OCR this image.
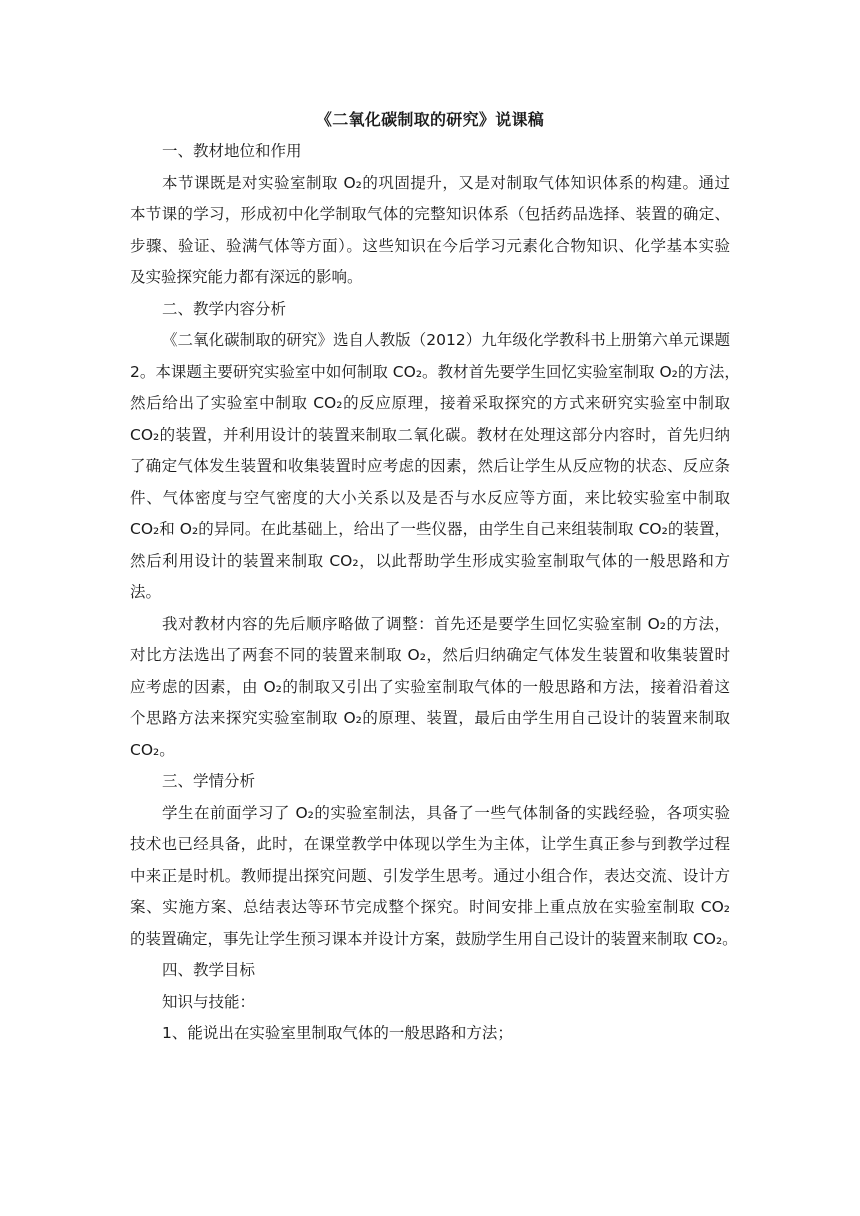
《二氧化碳制取的研究》说课稿
一、教材地位和作用
本节课既是对实验室制取 O₂的巩固提升，又是对制取气体知识体系的构建。通过
本节课的学习，形成初中化学制取气体的完整知识体系（包括药品选择、装置的确定、
步骤、验证、验满气体等方面）。这些知识在今后学习元素化合物知识、化学基本实验
及实验探究能力都有深远的影响。
二、教学内容分析
《二氧化碳制取的研究》选自人教版（2012）九年级化学教科书上册第六单元课题
2。本课题主要研究实验室中如何制取 CO₂。教材首先要学生回忆实验室制取 O₂的方法，
然后给出了实验室中制取 CO₂的反应原理，接着采取探究的方式来研究实验室中制取
CO₂的装置，并利用设计的装置来制取二氧化碳。教材在处理这部分内容时，首先归纳
了确定气体发生装置和收集装置时应考虑的因素，然后让学生从反应物的状态、反应条
件、气体密度与空气密度的大小关系以及是否与水反应等方面，来比较实验室中制取
CO₂和 O₂的异同。在此基础上，给出了一些仪器，由学生自己来组装制取 CO₂的装置，
然后利用设计的装置来制取 CO₂，以此帮助学生形成实验室制取气体的一般思路和方
法。
我对教材内容的先后顺序略做了调整：首先还是要学生回忆实验室制 O₂的方法，
对比方法选出了两套不同的装置来制取 O₂，然后归纳确定气体发生装置和收集装置时
应考虑的因素，由 O₂的制取又引出了实验室制取气体的一般思路和方法，接着沿着这
个思路方法来探究实验室制取 O₂的原理、装置，最后由学生用自己设计的装置来制取
CO₂。
三、学情分析
学生在前面学习了 O₂的实验室制法，具备了一些气体制备的实践经验，各项实验
技术也已经具备，此时，在课堂教学中体现以学生为主体，让学生真正参与到教学过程
中来正是时机。教师提出探究问题、引发学生思考。通过小组合作，表达交流、设计方
案、实施方案、总结表达等环节完成整个探究。时间安排上重点放在实验室制取 CO₂
的装置确定，事先让学生预习课本并设计方案，鼓励学生用自己设计的装置来制取 CO₂。
四、教学目标
知识与技能：
1、能说出在实验室里制取气体的一般思路和方法；
